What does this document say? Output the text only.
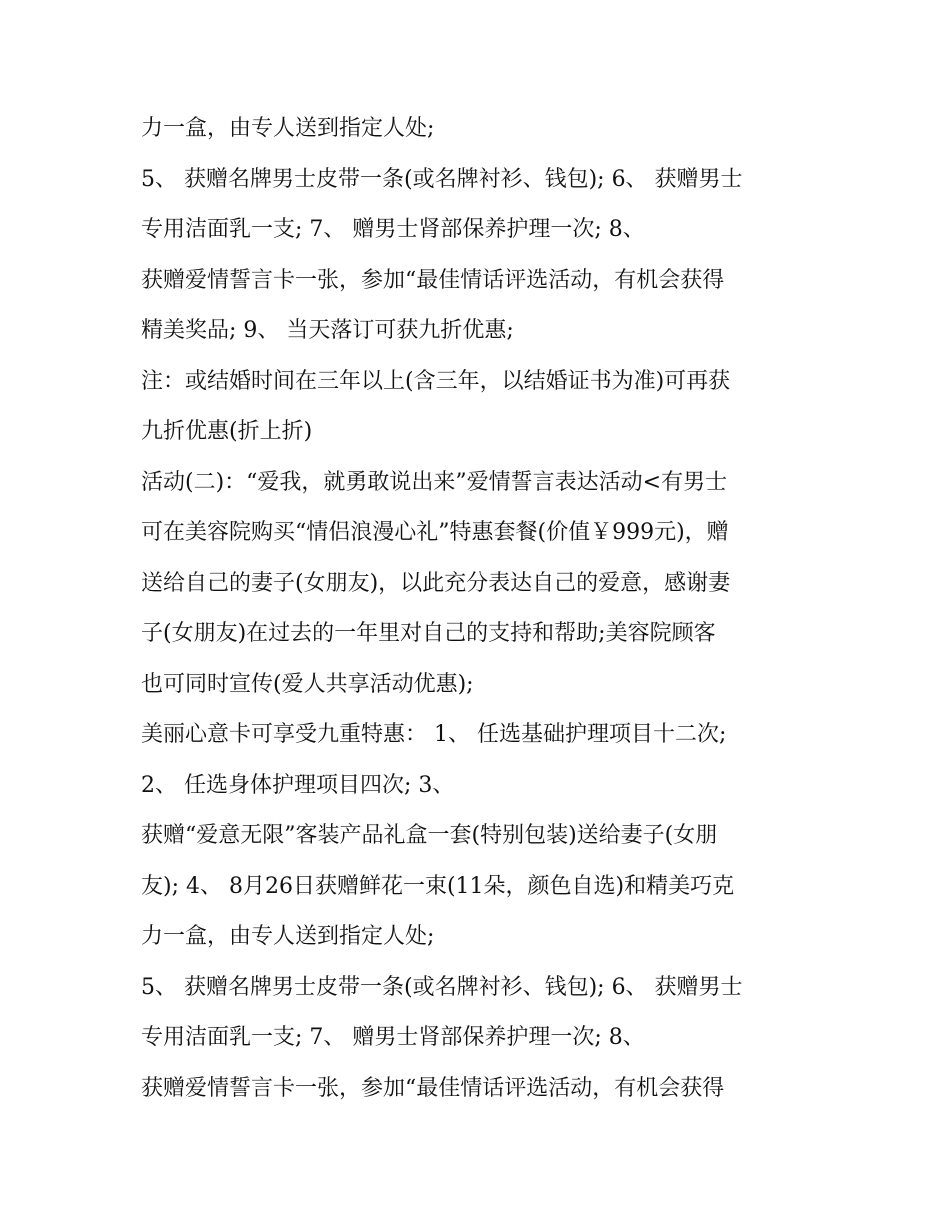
力一盒，由专人送到指定人处;
5、 获赠名牌男士皮带一条(或名牌衬衫、钱包); 6、 获赠男士
专用洁面乳一支; 7、 赠男士肾部保养护理一次; 8、
获赠爱情誓言卡一张，参加“最佳情话评选活动，有机会获得
精美奖品; 9、 当天落订可获九折优惠;
注：或结婚时间在三年以上(含三年，以结婚证书为准)可再获
九折优惠(折上折)
活动(二)：“爱我，就勇敢说出来”爱情誓言表达活动<有男士
可在美容院购买“情侣浪漫心礼”特惠套餐(价值￥999元)，赠
送给自己的妻子(女朋友)，以此充分表达自己的爱意，感谢妻
子(女朋友)在过去的一年里对自己的支持和帮助;美容院顾客
也可同时宣传(爱人共享活动优惠);
美丽心意卡可享受九重特惠： 1、 任选基础护理项目十二次;
2、 任选身体护理项目四次; 3、
获赠“爱意无限”客装产品礼盒一套(特别包装)送给妻子(女朋
友); 4、 8月26日获赠鲜花一束(11朵，颜色自选)和精美巧克
力一盒，由专人送到指定人处;
5、 获赠名牌男士皮带一条(或名牌衬衫、钱包); 6、 获赠男士
专用洁面乳一支; 7、 赠男士肾部保养护理一次; 8、
获赠爱情誓言卡一张，参加“最佳情话评选活动，有机会获得
